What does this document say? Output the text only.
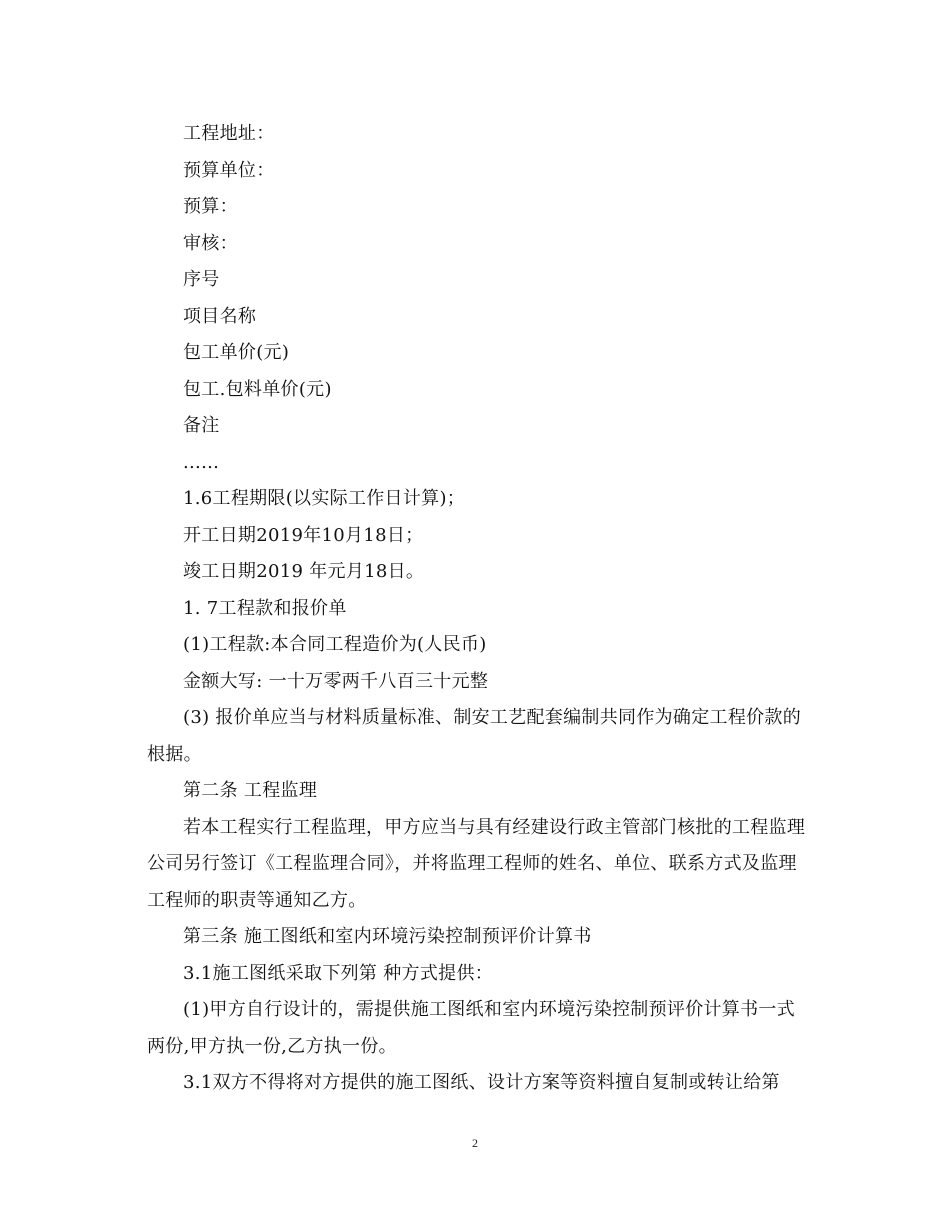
工程地址：

预算单位：

预算：

审核：

序号

项目名称

包工单价(元)

包工.包料单价(元)

备注

......

1.6工程期限(以实际工作日计算)；

开工日期2019年10月18日；

竣工日期2019 年元月18日。

1. 7工程款和报价单

(1)工程款:本合同工程造价为(人民币)

金额大写: 一十万零两千八百三十元整

(3) 报价单应当与材料质量标准、制安工艺配套编制共同作为确定工程价款的根据。

第二条 工程监理

若本工程实行工程监理，甲方应当与具有经建设行政主管部门核批的工程监理公司另行签订《工程监理合同》，并将监理工程师的姓名、单位、联系方式及监理工程师的职责等通知乙方。

第三条 施工图纸和室内环境污染控制预评价计算书

3.1施工图纸采取下列第 种方式提供：

(1)甲方自行设计的，需提供施工图纸和室内环境污染控制预评价计算书一式两份,甲方执一份,乙方执一份。

3.1双方不得将对方提供的施工图纸、设计方案等资料擅自复制或转让给第

2
